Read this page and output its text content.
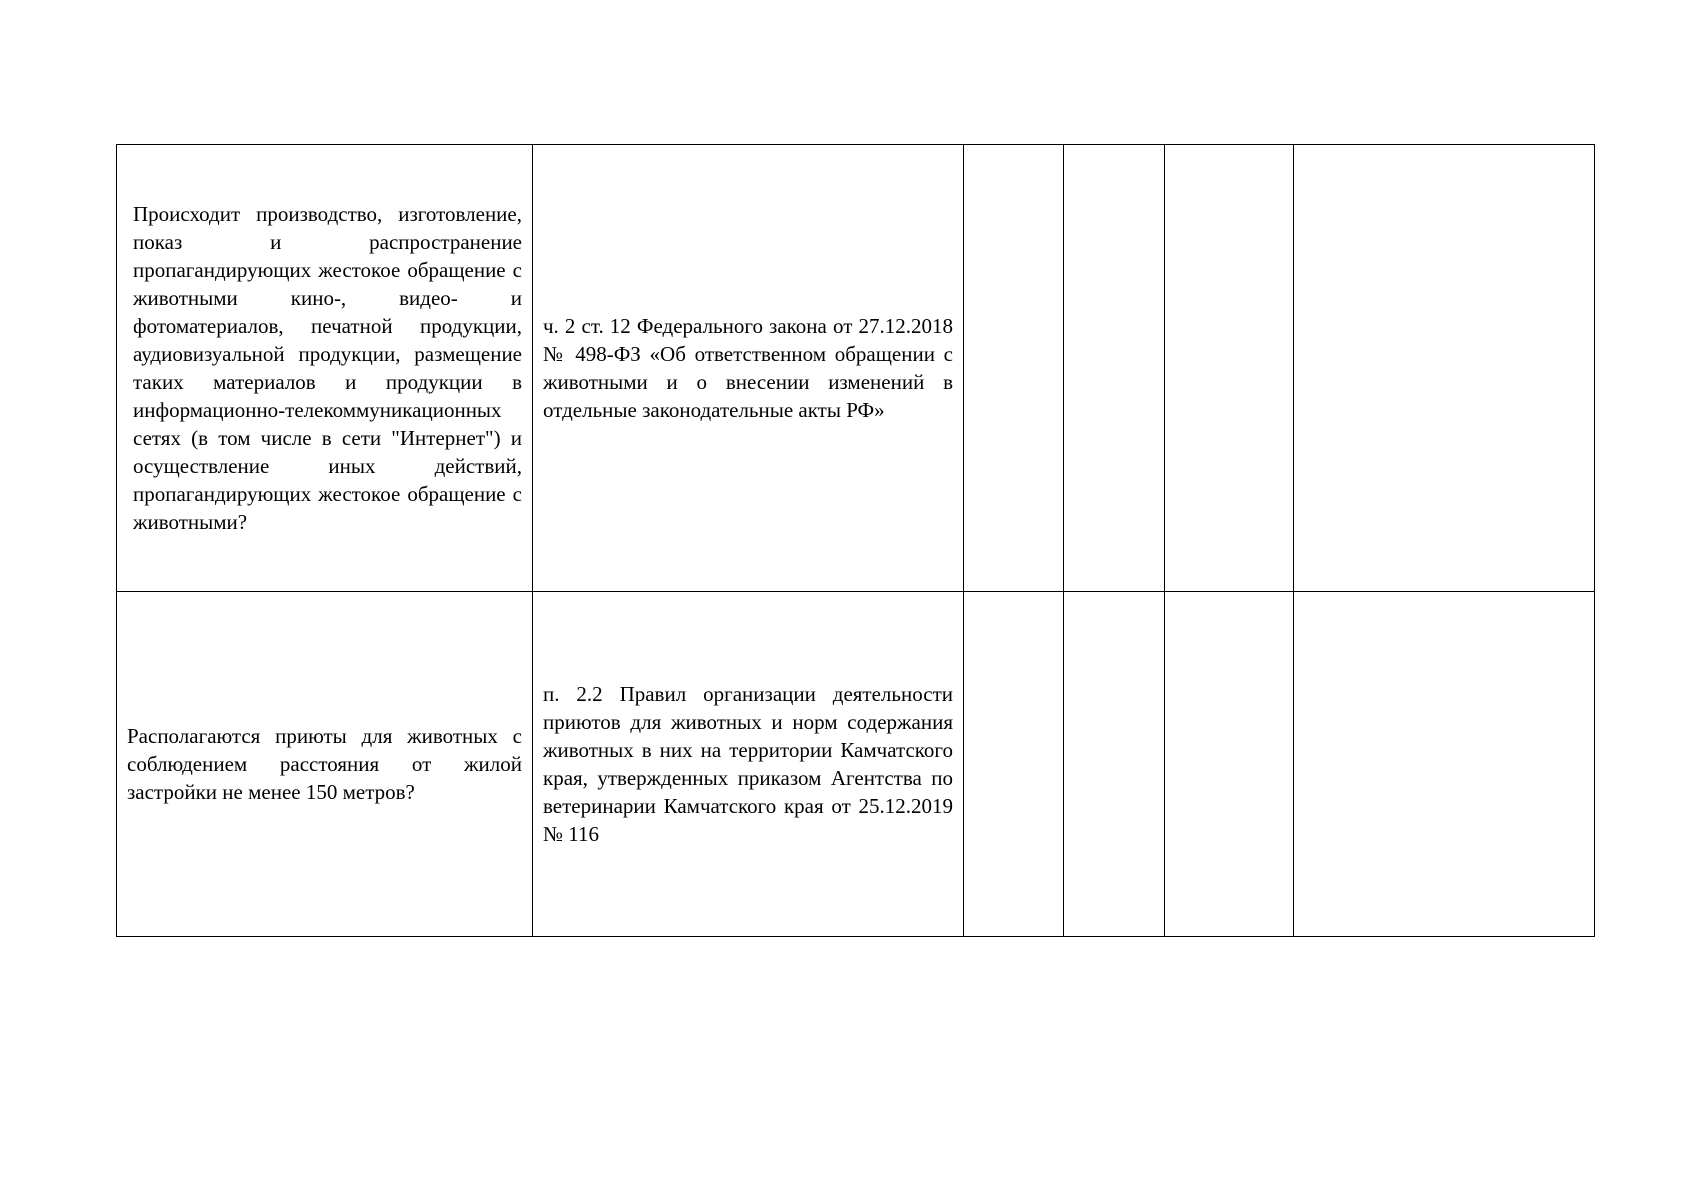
Происходит производство, изготовление, показ и распространение пропагандирующих жестокое обращение с животными кино-, видео- и фотоматериалов, печатной продукции, аудиовизуальной продукции, размещение таких материалов и продукции в информационно-телекоммуникационных сетях (в том числе в сети "Интернет") и осуществление иных действий, пропагандирующих жестокое обращение с животными?	ч. 2 ст. 12 Федерального закона от 27.12.2018 № 498-ФЗ «Об ответственном обращении с животными и о внесении изменений в отдельные законодательные акты РФ»				

Располагаются приюты для животных с соблюдением расстояния от жилой застройки не менее 150 метров?	п. 2.2 Правил организации деятельности приютов для животных и норм содержания животных в них на территории Камчатского края, утвержденных приказом Агентства по ветеринарии Камчатского края от 25.12.2019 № 116				
